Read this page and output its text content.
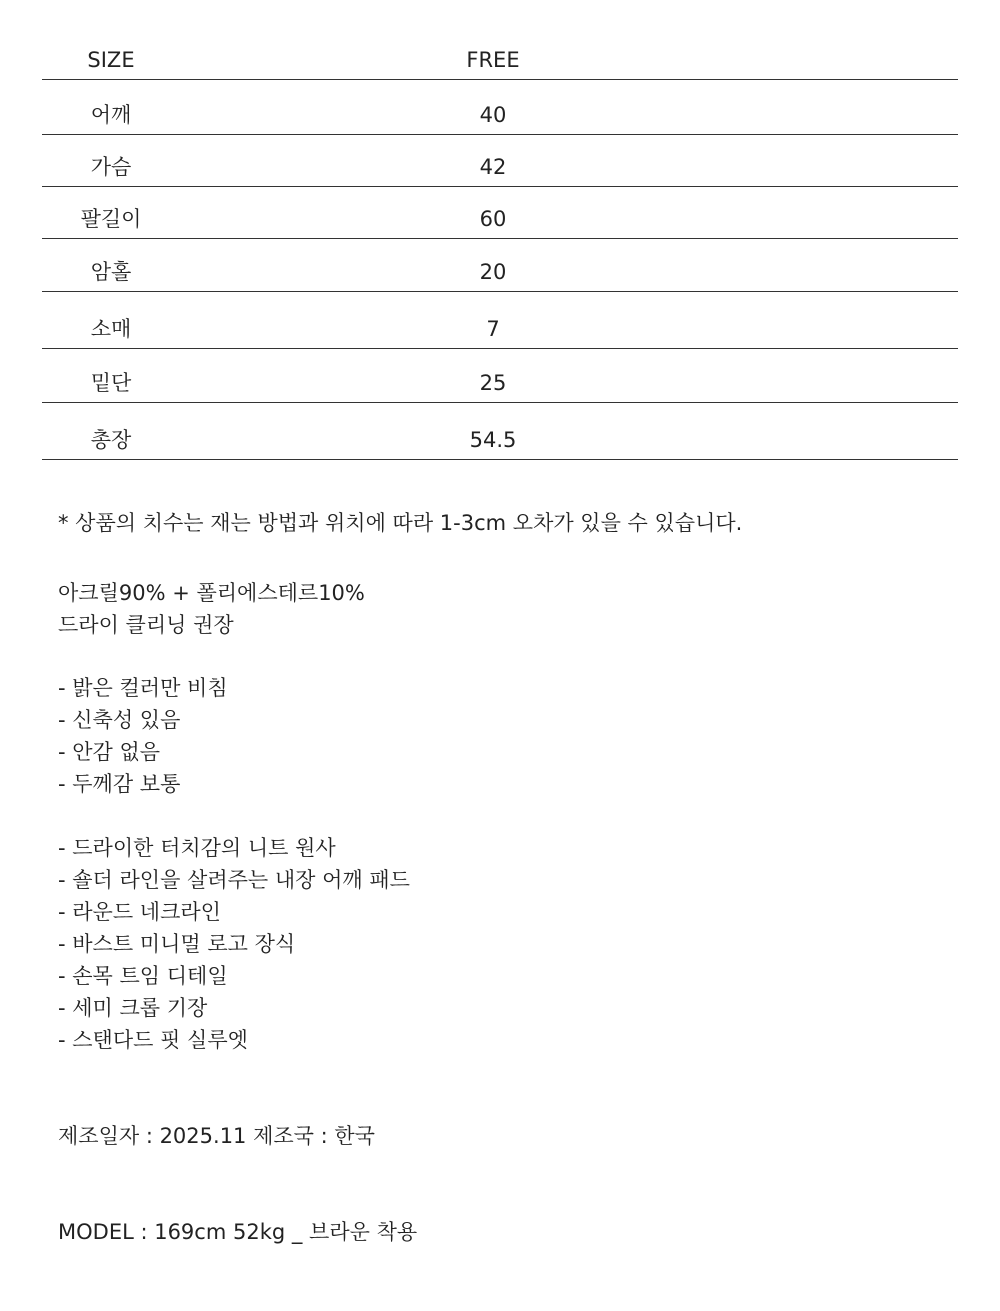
SIZE	FREE
어깨	40
가슴	42
팔길이	60
암홀	20
소매	7
밑단	25
총장	54.5
* 상품의 치수는 재는 방법과 위치에 따라 1-3cm 오차가 있을 수 있습니다.
아크릴90% + 폴리에스테르10%
드라이 클리닝 권장
- 밝은 컬러만 비침
- 신축성 있음
- 안감 없음
- 두께감 보통
- 드라이한 터치감의 니트 원사
- 숄더 라인을 살려주는 내장 어깨 패드
- 라운드 네크라인
- 바스트 미니멀 로고 장식
- 손목 트임 디테일
- 세미 크롭 기장
- 스탠다드 핏 실루엣
제조일자 : 2025.11 제조국 : 한국
MODEL : 169cm 52kg _ 브라운 착용
